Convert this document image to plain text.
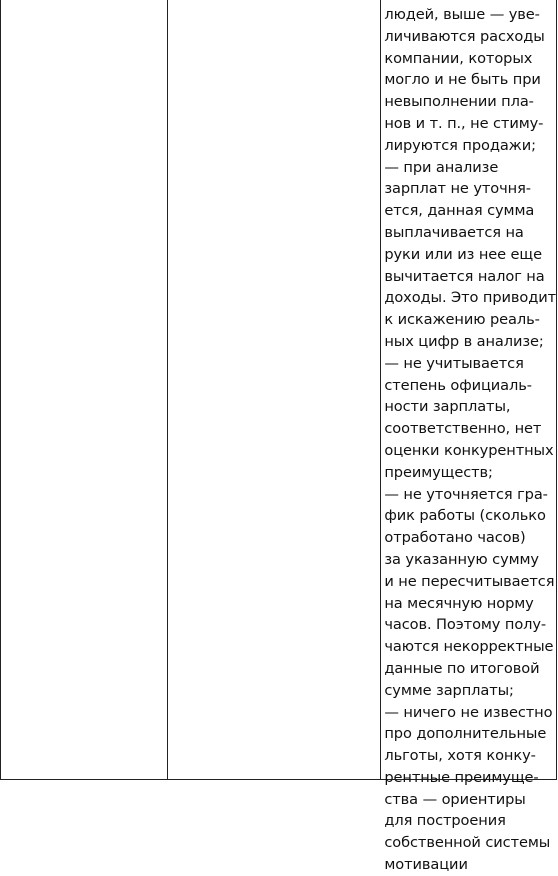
людей, выше — уве-
личиваются расходы
компании, которых
могло и не быть при
невыполнении пла-
нов и т. п., не стиму-
лируются продажи;
— при анализе
зарплат не уточня-
ется, данная сумма
выплачивается на
руки или из нее еще
вычитается налог на
доходы. Это приводит
к искажению реаль-
ных цифр в анализе;
— не учитывается
степень официаль-
ности зарплаты,
соответственно, нет
оценки конкурентных
преимуществ;
— не уточняется гра-
фик работы (сколько
отработано часов)
за указанную сумму
и не пересчитывается
на месячную норму
часов. Поэтому полу-
чаются некорректные
данные по итоговой
сумме зарплаты;
— ничего не известно
про дополнительные
льготы, хотя конку-
рентные преимуще-
ства — ориентиры
для построения
собственной системы
мотивации
